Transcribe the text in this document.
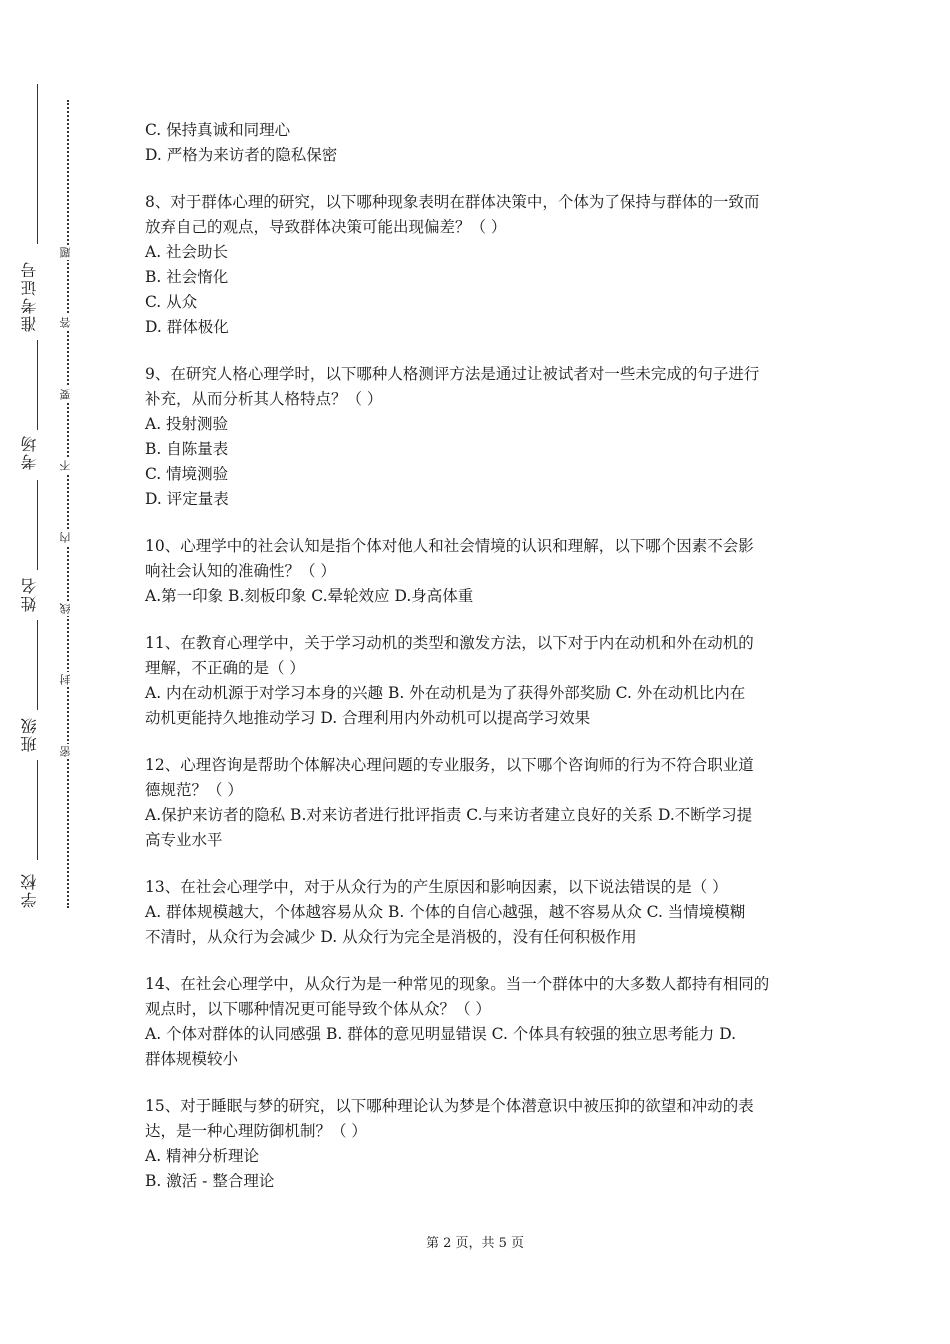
准考证号
考场
姓名
班级
学校
题
答
要
不
内
线
封
密
C. 保持真诚和同理心
D. 严格为来访者的隐私保密
8、对于群体心理的研究，以下哪种现象表明在群体决策中，个体为了保持与群体的一致而
放弃自己的观点，导致群体决策可能出现偏差？（ ）
A. 社会助长
B. 社会惰化
C. 从众
D. 群体极化
9、在研究人格心理学时，以下哪种人格测评方法是通过让被试者对一些未完成的句子进行
补充，从而分析其人格特点？（ ）
A. 投射测验
B. 自陈量表
C. 情境测验
D. 评定量表
10、心理学中的社会认知是指个体对他人和社会情境的认识和理解，以下哪个因素不会影
响社会认知的准确性？（ ）
A.第一印象 B.刻板印象 C.晕轮效应 D.身高体重
11、在教育心理学中，关于学习动机的类型和激发方法，以下对于内在动机和外在动机的
理解，不正确的是（ ）
A. 内在动机源于对学习本身的兴趣 B. 外在动机是为了获得外部奖励 C. 外在动机比内在
动机更能持久地推动学习 D. 合理利用内外动机可以提高学习效果
12、心理咨询是帮助个体解决心理问题的专业服务，以下哪个咨询师的行为不符合职业道
德规范？（ ）
A.保护来访者的隐私 B.对来访者进行批评指责 C.与来访者建立良好的关系 D.不断学习提
高专业水平
13、在社会心理学中，对于从众行为的产生原因和影响因素，以下说法错误的是（ ）
A. 群体规模越大，个体越容易从众 B. 个体的自信心越强，越不容易从众 C. 当情境模糊
不清时，从众行为会减少 D. 从众行为完全是消极的，没有任何积极作用
14、在社会心理学中，从众行为是一种常见的现象。当一个群体中的大多数人都持有相同的
观点时，以下哪种情况更可能导致个体从众？（ ）
A. 个体对群体的认同感强 B. 群体的意见明显错误 C. 个体具有较强的独立思考能力 D.
群体规模较小
15、对于睡眠与梦的研究，以下哪种理论认为梦是个体潜意识中被压抑的欲望和冲动的表
达，是一种心理防御机制？（ ）
A. 精神分析理论
B. 激活 - 整合理论
第 2 页，共 5 页
